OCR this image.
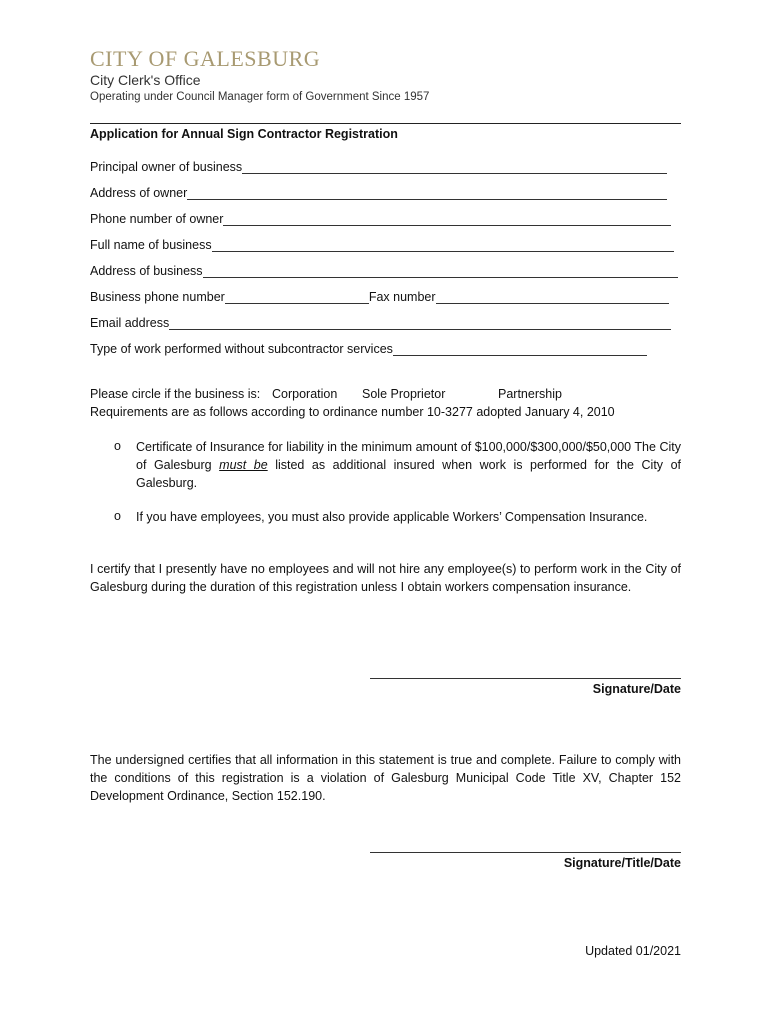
CITY OF GALESBURG
City Clerk's Office
Operating under Council Manager form of Government Since 1957
Application for Annual Sign Contractor Registration
Principal owner of business
Address of owner
Phone number of owner
Full name of business
Address of business
Business phone number	Fax number
Email address
Type of work performed without subcontractor services
Please circle if the business is: Corporation Sole Proprietor	Partnership
Requirements are as follows according to ordinance number 10-3277 adopted January 4, 2010
o Certificate of Insurance for liability in the minimum amount of $100,000/$300,000/$50,000 The City of Galesburg must be listed as additional insured when work is performed for the City of Galesburg.
o If you have employees, you must also provide applicable Workers’ Compensation Insurance.
I certify that I presently have no employees and will not hire any employee(s) to perform work in the City of Galesburg during the duration of this registration unless I obtain workers compensation insurance.
Signature/Date
The undersigned certifies that all information in this statement is true and complete. Failure to comply with the conditions of this registration is a violation of Galesburg Municipal Code Title XV, Chapter 152 Development Ordinance, Section 152.190.
Signature/Title/Date
Updated 01/2021
